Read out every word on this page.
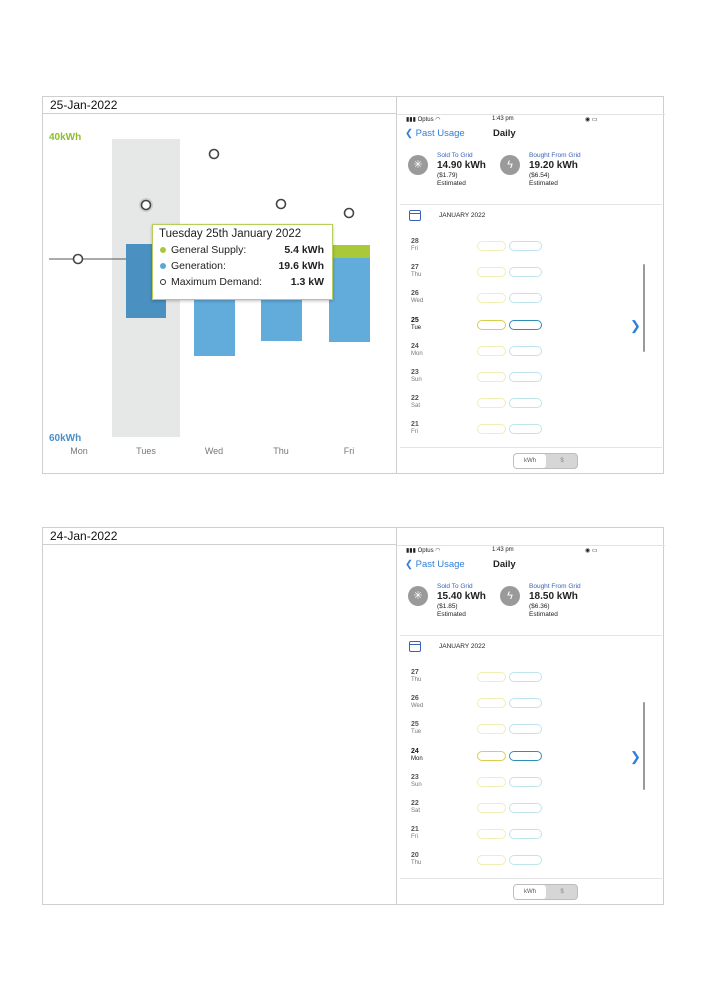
25-Jan-2022
40kWh
60kWh
Mon	Tues	Wed	Thu	Fri
Tuesday 25th January 2022
General Supply:	5.4 kWh
Generation:	19.6 kWh
Maximum Demand:	1.3 kW
▮▮▮ Optus ◠	1:43 pm	◉ ▭
❮ Past Usage	Daily
✳
Sold To Grid
14.90 kWh
($1.79)
Estimated
ϟ
Bought From Grid
19.20 kWh
($6.54)
Estimated
JANUARY 2022
28
Fri
27
Thu
26
Wed
25
Tue
24
Mon
23
Sun
22
Sat
21
Fri
❯
kWh	$
24-Jan-2022
▮▮▮ Optus ◠	1:43 pm	◉ ▭
❮ Past Usage	Daily
✳
Sold To Grid
15.40 kWh
($1.85)
Estimated
ϟ
Bought From Grid
18.50 kWh
($6.36)
Estimated
JANUARY 2022
27
Thu
26
Wed
25
Tue
24
Mon
23
Sun
22
Sat
21
Fri
20
Thu
❯
kWh	$
